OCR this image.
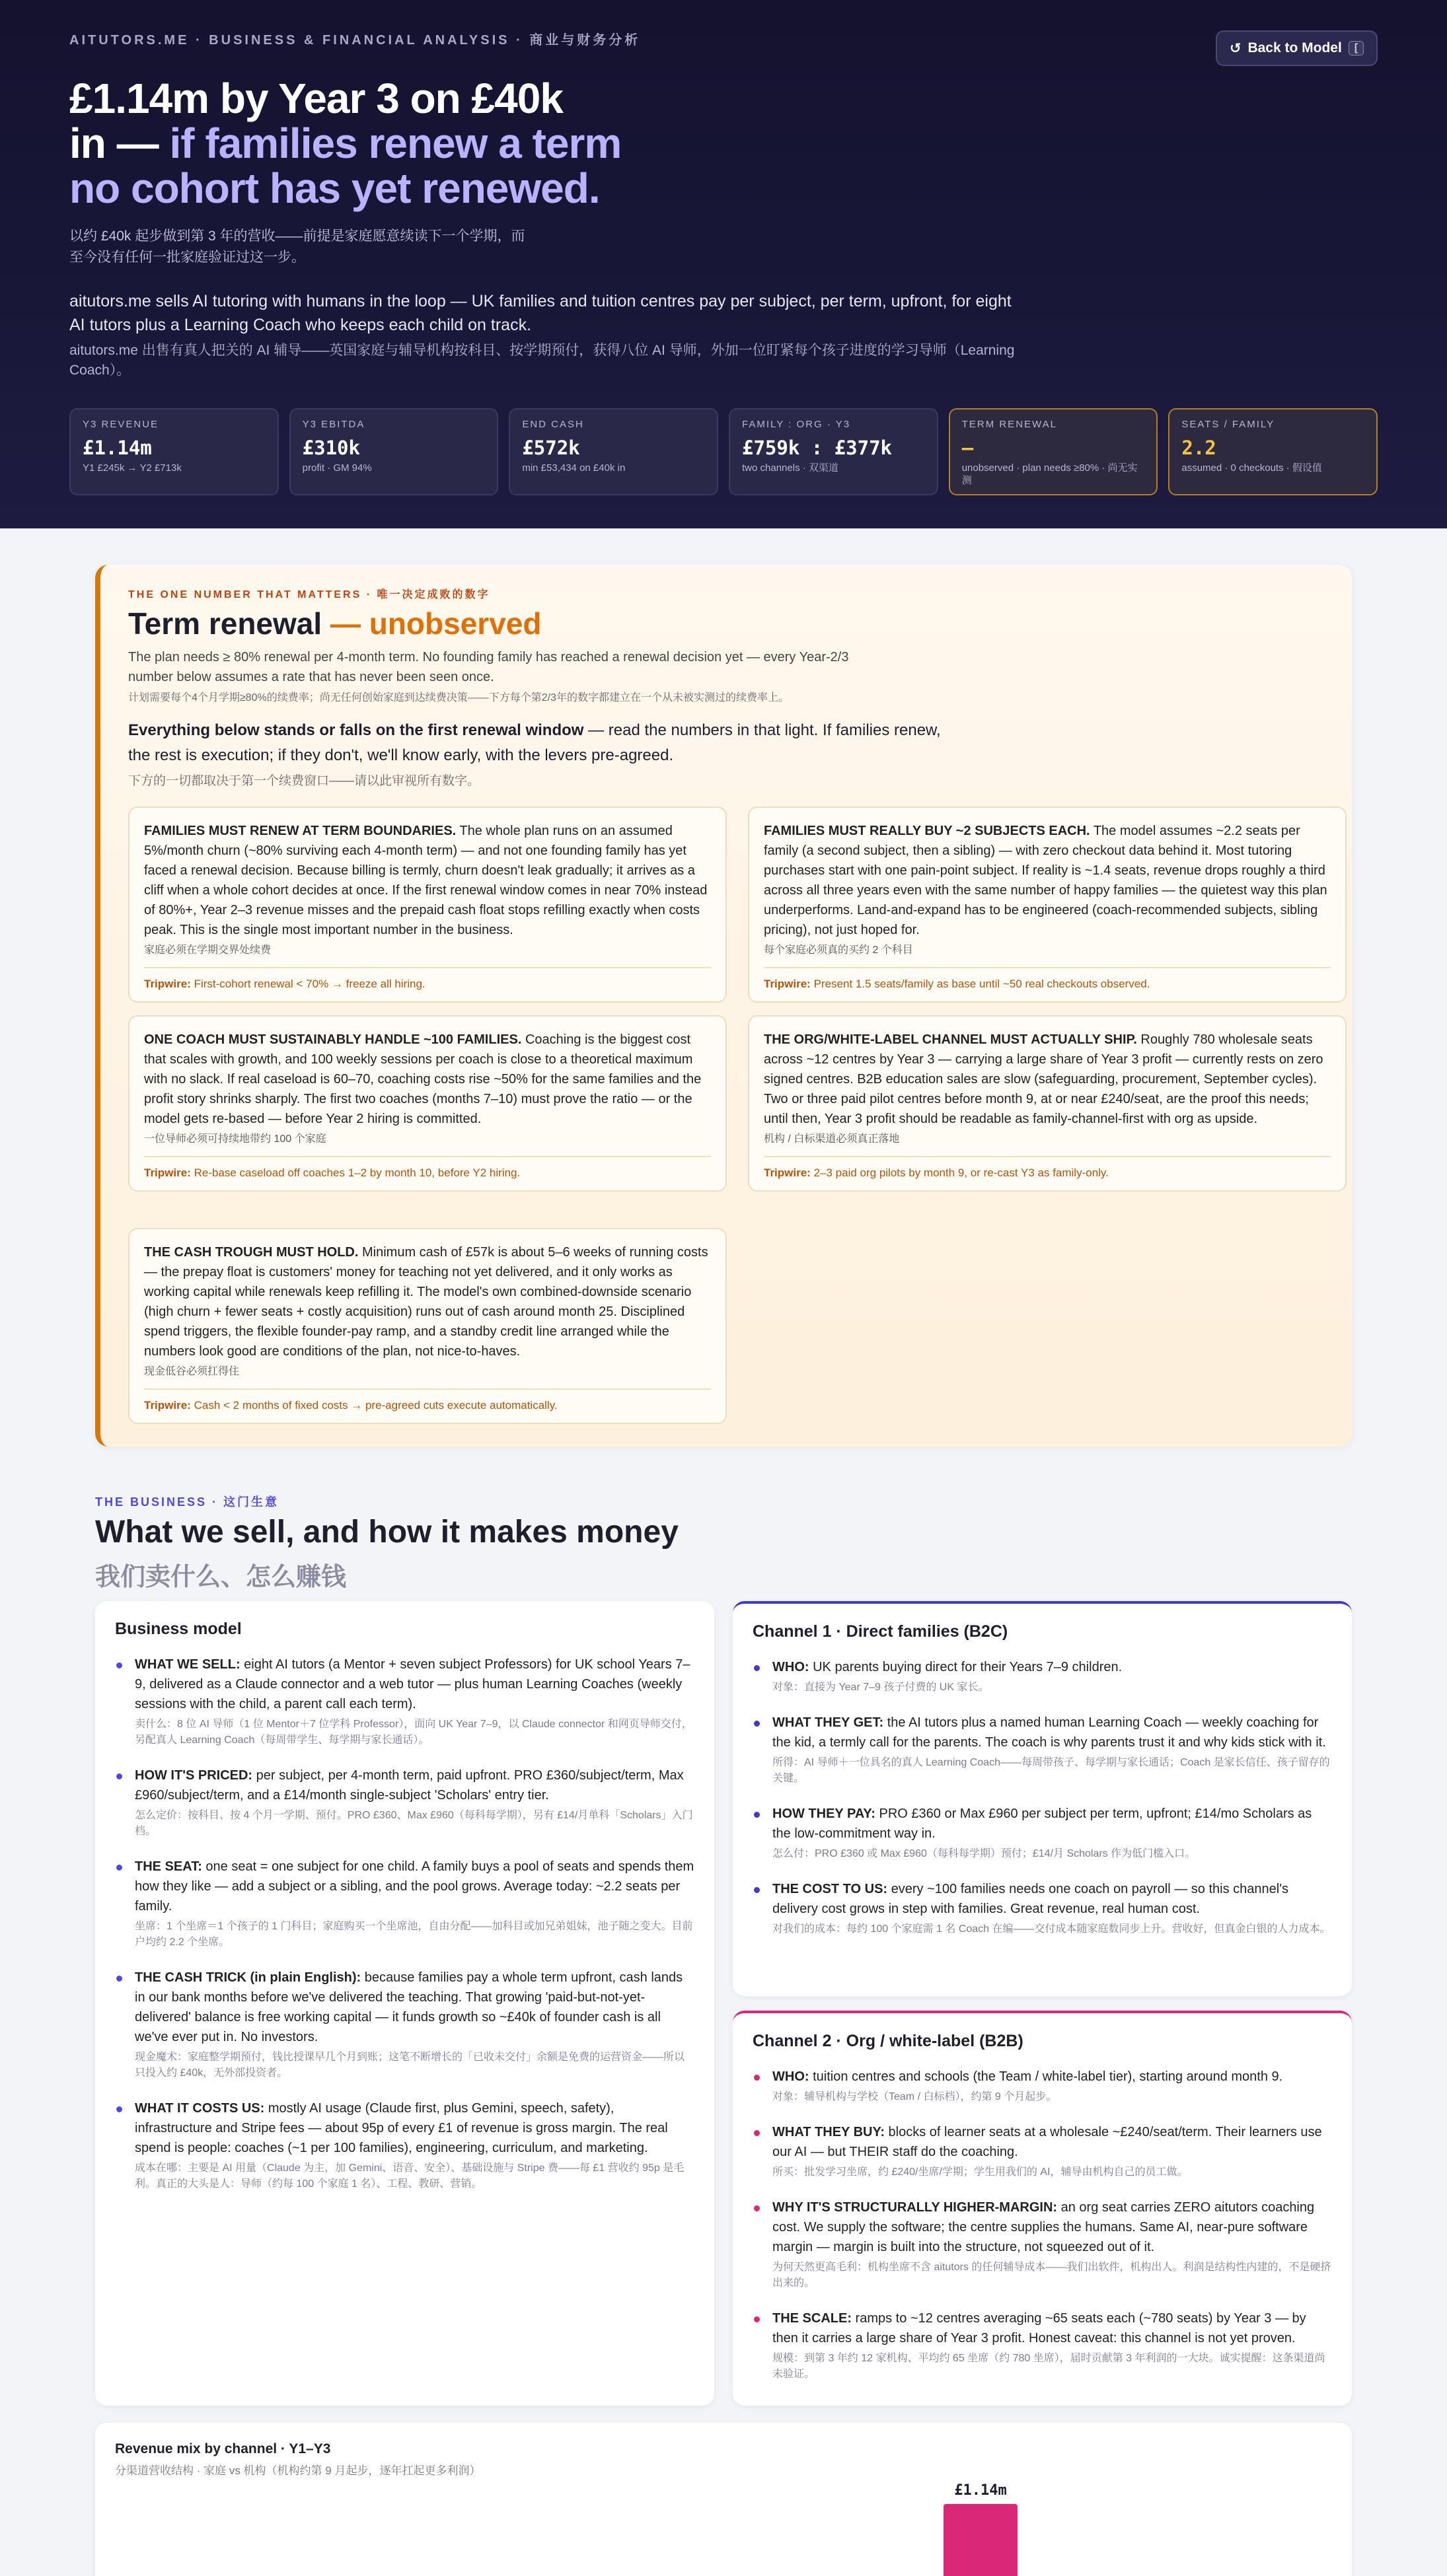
AITUTORS.ME · BUSINESS & FINANCIAL ANALYSIS · 商业与财务分析
↺ Back to Model	[
£1.14m by Year 3 on £40k
in — if families renew a term
no cohort has yet renewed.
以约 £40k 起步做到第 3 年的营收——前提是家庭愿意续读下一个学期，而至今没有任何一批家庭验证过这一步。
aitutors.me sells AI tutoring with humans in the loop — UK families and tuition centres pay per subject, per term, upfront, for eight AI tutors plus a Learning Coach who keeps each child on track.
aitutors.me 出售有真人把关的 AI 辅导——英国家庭与辅导机构按科目、按学期预付，获得八位 AI 导师，外加一位盯紧每个孩子进度的学习导师（Learning Coach）。
Y3 REVENUE
£1.14m
Y1 £245k → Y2 £713k
Y3 EBITDA
£310k
profit · GM 94%
END CASH
£572k
min £53,434 on £40k in
FAMILY : ORG · Y3
£759k : £377k
two channels · 双渠道
TERM RENEWAL
—
unobserved · plan needs ≥80% · 尚无实测
SEATS / FAMILY
2.2
assumed · 0 checkouts · 假设值
THE ONE NUMBER THAT MATTERS · 唯一决定成败的数字
Term renewal — unobserved
The plan needs ≥ 80% renewal per 4-month term. No founding family has reached a renewal decision yet — every Year-2/3 number below assumes a rate that has never been seen once.
计划需要每个4个月学期≥80%的续费率；尚无任何创始家庭到达续费决策——下方每个第2/3年的数字都建立在一个从未被实测过的续费率上。
Everything below stands or falls on the first renewal window — read the numbers in that light. If families renew, the rest is execution; if they don't, we'll know early, with the levers pre-agreed.
下方的一切都取决于第一个续费窗口——请以此审视所有数字。
FAMILIES MUST RENEW AT TERM BOUNDARIES. The whole plan runs on an assumed 5%/month churn (~80% surviving each 4-month term) — and not one founding family has yet faced a renewal decision. Because billing is termly, churn doesn't leak gradually; it arrives as a cliff when a whole cohort decides at once. If the first renewal window comes in near 70% instead of 80%+, Year 2–3 revenue misses and the prepaid cash float stops refilling exactly when costs peak. This is the single most important number in the business.
家庭必须在学期交界处续费
Tripwire: First-cohort renewal < 70% → freeze all hiring.
FAMILIES MUST REALLY BUY ~2 SUBJECTS EACH. The model assumes ~2.2 seats per family (a second subject, then a sibling) — with zero checkout data behind it. Most tutoring purchases start with one pain-point subject. If reality is ~1.4 seats, revenue drops roughly a third across all three years even with the same number of happy families — the quietest way this plan underperforms. Land-and-expand has to be engineered (coach-recommended subjects, sibling pricing), not just hoped for.
每个家庭必须真的买约 2 个科目
Tripwire: Present 1.5 seats/family as base until ~50 real checkouts observed.
ONE COACH MUST SUSTAINABLY HANDLE ~100 FAMILIES. Coaching is the biggest cost that scales with growth, and 100 weekly sessions per coach is close to a theoretical maximum with no slack. If real caseload is 60–70, coaching costs rise ~50% for the same families and the profit story shrinks sharply. The first two coaches (months 7–10) must prove the ratio — or the model gets re-based — before Year 2 hiring is committed.
一位导师必须可持续地带约 100 个家庭
Tripwire: Re-base caseload off coaches 1–2 by month 10, before Y2 hiring.
THE ORG/WHITE-LABEL CHANNEL MUST ACTUALLY SHIP. Roughly 780 wholesale seats across ~12 centres by Year 3 — carrying a large share of Year 3 profit — currently rests on zero signed centres. B2B education sales are slow (safeguarding, procurement, September cycles). Two or three paid pilot centres before month 9, at or near £240/seat, are the proof this needs; until then, Year 3 profit should be readable as family-channel-first with org as upside.
机构 / 白标渠道必须真正落地
Tripwire: 2–3 paid org pilots by month 9, or re-cast Y3 as family-only.
THE CASH TROUGH MUST HOLD. Minimum cash of £57k is about 5–6 weeks of running costs — the prepay float is customers' money for teaching not yet delivered, and it only works as working capital while renewals keep refilling it. The model's own combined-downside scenario (high churn + fewer seats + costly acquisition) runs out of cash around month 25. Disciplined spend triggers, the flexible founder-pay ramp, and a standby credit line arranged while the numbers look good are conditions of the plan, not nice-to-haves.
现金低谷必须扛得住
Tripwire: Cash < 2 months of fixed costs → pre-agreed cuts execute automatically.
THE BUSINESS · 这门生意
What we sell, and how it makes money
我们卖什么、怎么赚钱
Business model
WHAT WE SELL: eight AI tutors (a Mentor + seven subject Professors) for UK school Years 7–9, delivered as a Claude connector and a web tutor — plus human Learning Coaches (weekly sessions with the child, a parent call each term).
卖什么：8 位 AI 导师（1 位 Mentor＋7 位学科 Professor），面向 UK Year 7–9，以 Claude connector 和网页导师交付，另配真人 Learning Coach（每周带学生、每学期与家长通话）。
HOW IT'S PRICED: per subject, per 4-month term, paid upfront. PRO £360/subject/term, Max £960/subject/term, and a £14/month single-subject 'Scholars' entry tier.
怎么定价：按科目、按 4 个月一学期、预付。PRO £360、Max £960（每科每学期），另有 £14/月单科「Scholars」入门档。
THE SEAT: one seat = one subject for one child. A family buys a pool of seats and spends them how they like — add a subject or a sibling, and the pool grows. Average today: ~2.2 seats per family.
坐席：1 个坐席＝1 个孩子的 1 门科目；家庭购买一个坐席池，自由分配——加科目或加兄弟姐妹，池子随之变大。目前户均约 2.2 个坐席。
THE CASH TRICK (in plain English): because families pay a whole term upfront, cash lands in our bank months before we've delivered the teaching. That growing 'paid-but-not-yet-delivered' balance is free working capital — it funds growth so ~£40k of founder cash is all we've ever put in. No investors.
现金魔术：家庭整学期预付，钱比授课早几个月到账；这笔不断增长的「已收未交付」余额是免费的运营资金——所以只投入约 £40k，无外部投资者。
WHAT IT COSTS US: mostly AI usage (Claude first, plus Gemini, speech, safety), infrastructure and Stripe fees — about 95p of every £1 of revenue is gross margin. The real spend is people: coaches (~1 per 100 families), engineering, curriculum, and marketing.
成本在哪：主要是 AI 用量（Claude 为主，加 Gemini、语音、安全）、基础设施与 Stripe 费——每 £1 营收约 95p 是毛利。真正的大头是人：导师（约每 100 个家庭 1 名）、工程、教研、营销。
Channel 1 · Direct families (B2C)
WHO: UK parents buying direct for their Years 7–9 children.
对象：直接为 Year 7–9 孩子付费的 UK 家长。
WHAT THEY GET: the AI tutors plus a named human Learning Coach — weekly coaching for the kid, a termly call for the parents. The coach is why parents trust it and why kids stick with it.
所得：AI 导师＋一位具名的真人 Learning Coach——每周带孩子、每学期与家长通话；Coach 是家长信任、孩子留存的关键。
HOW THEY PAY: PRO £360 or Max £960 per subject per term, upfront; £14/mo Scholars as the low-commitment way in.
怎么付：PRO £360 或 Max £960（每科每学期）预付；£14/月 Scholars 作为低门槛入口。
THE COST TO US: every ~100 families needs one coach on payroll — so this channel's delivery cost grows in step with families. Great revenue, real human cost.
对我们的成本：每约 100 个家庭需 1 名 Coach 在编——交付成本随家庭数同步上升。营收好，但真金白银的人力成本。
Channel 2 · Org / white-label (B2B)
WHO: tuition centres and schools (the Team / white-label tier), starting around month 9.
对象：辅导机构与学校（Team / 白标档），约第 9 个月起步。
WHAT THEY BUY: blocks of learner seats at a wholesale ~£240/seat/term. Their learners use our AI — but THEIR staff do the coaching.
所买：批发学习坐席，约 £240/坐席/学期；学生用我们的 AI，辅导由机构自己的员工做。
WHY IT'S STRUCTURALLY HIGHER-MARGIN: an org seat carries ZERO aitutors coaching cost. We supply the software; the centre supplies the humans. Same AI, near-pure software margin — margin is built into the structure, not squeezed out of it.
为何天然更高毛利：机构坐席不含 aitutors 的任何辅导成本——我们出软件，机构出人。利润是结构性内建的，不是硬挤出来的。
THE SCALE: ramps to ~12 centres averaging ~65 seats each (~780 seats) by Year 3 — by then it carries a large share of Year 3 profit. Honest caveat: this channel is not yet proven.
规模：到第 3 年约 12 家机构、平均约 65 坐席（约 780 坐席），届时贡献第 3 年利润的一大块。诚实提醒：这条渠道尚未验证。
Revenue mix by channel · Y1–Y3
分渠道营收结构 · 家庭 vs 机构（机构约第 9 月起步，逐年扛起更多利润）
£1.14m
